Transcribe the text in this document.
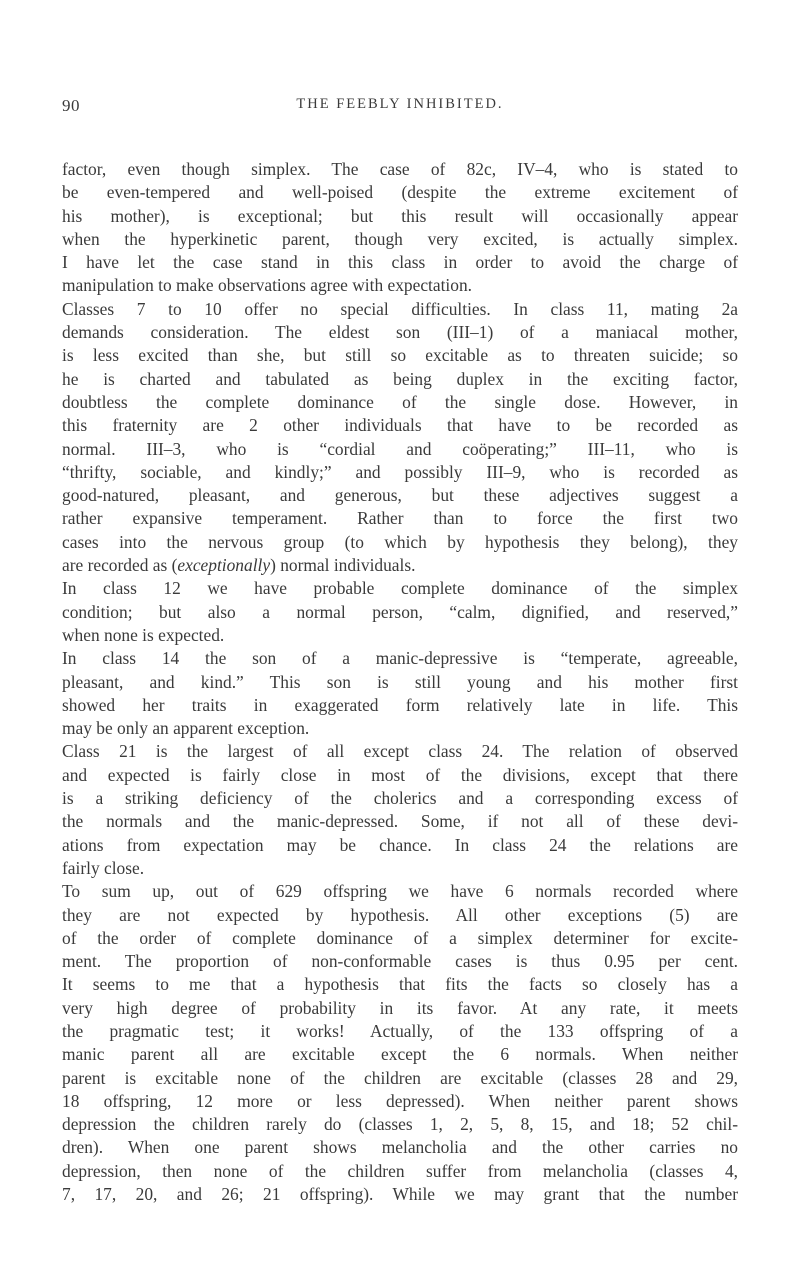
90	THE FEEBLY INHIBITED.
factor, even though simplex. The case of 82c, IV–4, who is stated to
be even-tempered and well-poised (despite the extreme excitement of
his mother), is exceptional; but this result will occasionally appear
when the hyperkinetic parent, though very excited, is actually simplex.
I have let the case stand in this class in order to avoid the charge of
manipulation to make observations agree with expectation.
Classes 7 to 10 offer no special difficulties. In class 11, mating 2a
demands consideration. The eldest son (III–1) of a maniacal mother,
is less excited than she, but still so excitable as to threaten suicide; so
he is charted and tabulated as being duplex in the exciting factor,
doubtless the complete dominance of the single dose. However, in
this fraternity are 2 other individuals that have to be recorded as
normal. III–3, who is “cordial and coöperating;” III–11, who is
“thrifty, sociable, and kindly;” and possibly III–9, who is recorded as
good-natured, pleasant, and generous, but these adjectives suggest a
rather expansive temperament. Rather than to force the first two
cases into the nervous group (to which by hypothesis they belong), they
are recorded as (exceptionally) normal individuals.
In class 12 we have probable complete dominance of the simplex
condition; but also a normal person, “calm, dignified, and reserved,”
when none is expected.
In class 14 the son of a manic-depressive is “temperate, agreeable,
pleasant, and kind.” This son is still young and his mother first
showed her traits in exaggerated form relatively late in life. This
may be only an apparent exception.
Class 21 is the largest of all except class 24. The relation of observed
and expected is fairly close in most of the divisions, except that there
is a striking deficiency of the cholerics and a corresponding excess of
the normals and the manic-depressed. Some, if not all of these devi-
ations from expectation may be chance. In class 24 the relations are
fairly close.
To sum up, out of 629 offspring we have 6 normals recorded where
they are not expected by hypothesis. All other exceptions (5) are
of the order of complete dominance of a simplex determiner for excite-
ment. The proportion of non-conformable cases is thus 0.95 per cent.
It seems to me that a hypothesis that fits the facts so closely has a
very high degree of probability in its favor. At any rate, it meets
the pragmatic test; it works! Actually, of the 133 offspring of a
manic parent all are excitable except the 6 normals. When neither
parent is excitable none of the children are excitable (classes 28 and 29,
18 offspring, 12 more or less depressed). When neither parent shows
depression the children rarely do (classes 1, 2, 5, 8, 15, and 18; 52 chil-
dren). When one parent shows melancholia and the other carries no
depression, then none of the children suffer from melancholia (classes 4,
7, 17, 20, and 26; 21 offspring). While we may grant that the number
